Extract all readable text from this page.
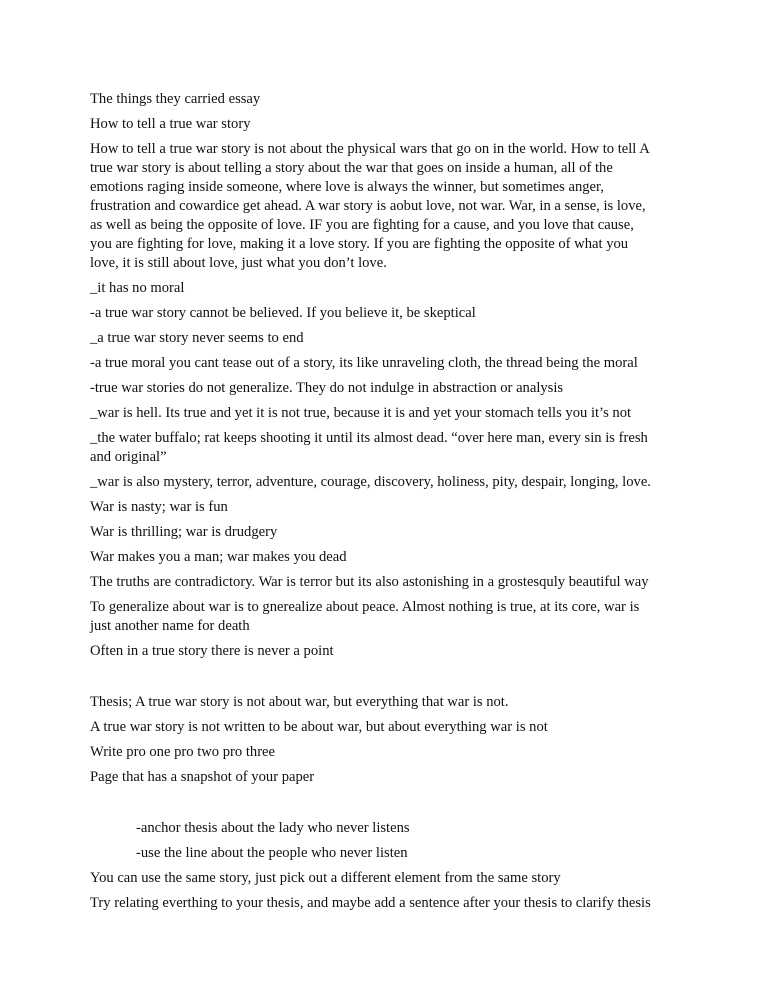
The things they carried essay

How to tell a true war story

How to tell a true war story is not about the physical wars that go on in the world. How to tell A
true war story is about telling a story about the war that goes on inside a human, all of the
emotions raging inside someone, where love is always the winner, but sometimes anger,
frustration and cowardice get ahead. A war story is aobut love, not war. War, in a sense, is love,
as well as being the opposite of love. IF you are fighting for a cause, and you love that cause,
you are fighting for love, making it a love story. If you are fighting the opposite of what you
love, it is still about love, just what you don’t love.

_it has no moral

-a true war story cannot be believed. If you believe it, be skeptical

_a true war story never seems to end

-a true moral you cant tease out of a story, its like unraveling cloth, the thread being the moral

-true war stories do not generalize. They do not indulge in abstraction or analysis

_war is hell. Its true and yet it is not true, because it is and yet your stomach tells you it’s not

_the water buffalo; rat keeps shooting it until its almost dead. “over here man, every sin is fresh
and original”

_war is also mystery, terror, adventure, courage, discovery, holiness, pity, despair, longing, love.

War is nasty; war is fun

War is thrilling; war is drudgery

War makes you a man; war makes you dead

The truths are contradictory. War is terror but its also astonishing in a grostesquly beautiful way

To generalize about war is to gnerealize about peace. Almost nothing is true, at its core, war is
just another name for death

Often in a true story there is never a point

Thesis; A true war story is not about war, but everything that war is not.

A true war story is not written to be about war, but about everything war is not

Write pro one pro two pro three

Page that has a snapshot of your paper

-anchor thesis about the lady who never listens

-use the line about the people who never listen

You can use the same story, just pick out a different element from the same story

Try relating everthing to your thesis, and maybe add a sentence after your thesis to clarify thesis
